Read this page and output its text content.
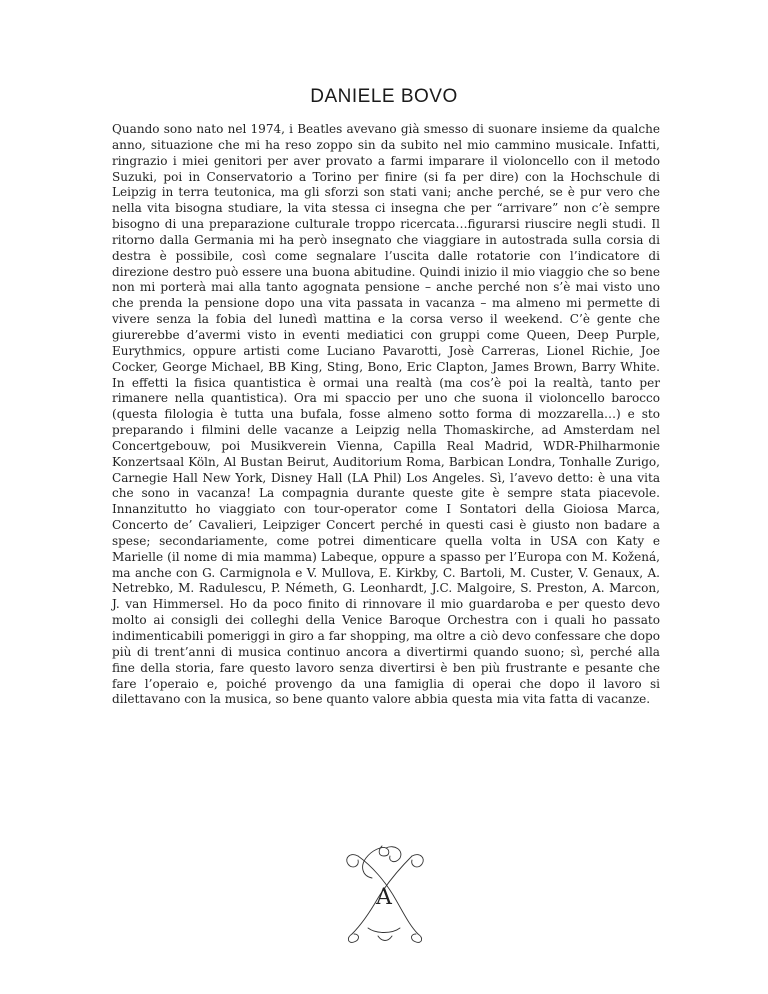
DANIELE BOVO

Quando sono nato nel 1974, i Beatles avevano già smesso di suonare insieme da qualche anno, situazione che mi ha reso zoppo sin da subito nel mio cammino musicale. Infatti, ringrazio i miei genitori per aver provato a farmi imparare il violoncello con il metodo Suzuki, poi in Conservatorio a Torino per finire (si fa per dire) con la Hochschule di Leipzig in terra teutonica, ma gli sforzi son stati vani; anche perché, se è pur vero che nella vita bisogna studiare, la vita stessa ci insegna che per “arrivare” non c’è sempre bisogno di una preparazione culturale troppo ricercata…figurarsi riuscire negli studi. Il ritorno dalla Germania mi ha però insegnato che viaggiare in autostrada sulla corsia di destra è possibile, così come segnalare l’uscita dalle rotatorie con l’indicatore di direzione destro può essere una buona abitudine. Quindi inizio il mio viaggio che so bene non mi porterà mai alla tanto agognata pensione – anche perché non s’è mai visto uno che prenda la pensione dopo una vita passata in vacanza – ma almeno mi permette di vivere senza la fobia del lunedì mattina e la corsa verso il weekend. C’è gente che giurerebbe d’avermi visto in eventi mediatici con gruppi come Queen, Deep Purple, Eurythmics, oppure artisti come Luciano Pavarotti, Josè Carreras, Lionel Richie, Joe Cocker, George Michael, BB King, Sting, Bono, Eric Clapton, James Brown, Barry White. In effetti la fisica quantistica è ormai una realtà (ma cos’è poi la realtà, tanto per rimanere nella quantistica). Ora mi spaccio per uno che suona il violoncello barocco (questa filologia è tutta una bufala, fosse almeno sotto forma di mozzarella…) e sto preparando i filmini delle vacanze a Leipzig nella Thomaskirche, ad Amsterdam nel Concertgebouw, poi Musikverein Vienna, Capilla Real Madrid, WDR-Philharmonie Konzertsaal Köln, Al Bustan Beirut, Auditorium Roma, Barbican Londra, Tonhalle Zurigo, Carnegie Hall New York, Disney Hall (LA Phil) Los Angeles. Sì, l’avevo detto: è una vita che sono in vacanza! La compagnia durante queste gite è sempre stata piacevole. Innanzitutto ho viaggiato con tour-operator come I Sontatori della Gioiosa Marca, Concerto de’ Cavalieri, Leipziger Concert perché in questi casi è giusto non badare a spese; secondariamente, come potrei dimenticare quella volta in USA con Katy e Marielle (il nome di mia mamma) Labeque, oppure a spasso per l’Europa con M. Kožená, ma anche con G. Carmignola e V. Mullova, E. Kirkby, C. Bartoli, M. Custer, V. Genaux, A. Netrebko, M. Radulescu, P. Németh, G. Leonhardt, J.C. Malgoire, S. Preston, A. Marcon, J. van Himmersel. Ho da poco finito di rinnovare il mio guardaroba e per questo devo molto ai consigli dei colleghi della Venice Baroque Orchestra con i quali ho passato indimenticabili pomeriggi in giro a far shopping, ma oltre a ciò devo confessare che dopo più di trent’anni di musica continuo ancora a divertirmi quando suono; sì, perché alla fine della storia, fare questo lavoro senza divertirsi è ben più frustrante e pesante che fare l’operaio e, poiché provengo da una famiglia di operai che dopo il lavoro si dilettavano con la musica, so bene quanto valore abbia questa mia vita fatta di vacanze.

A
